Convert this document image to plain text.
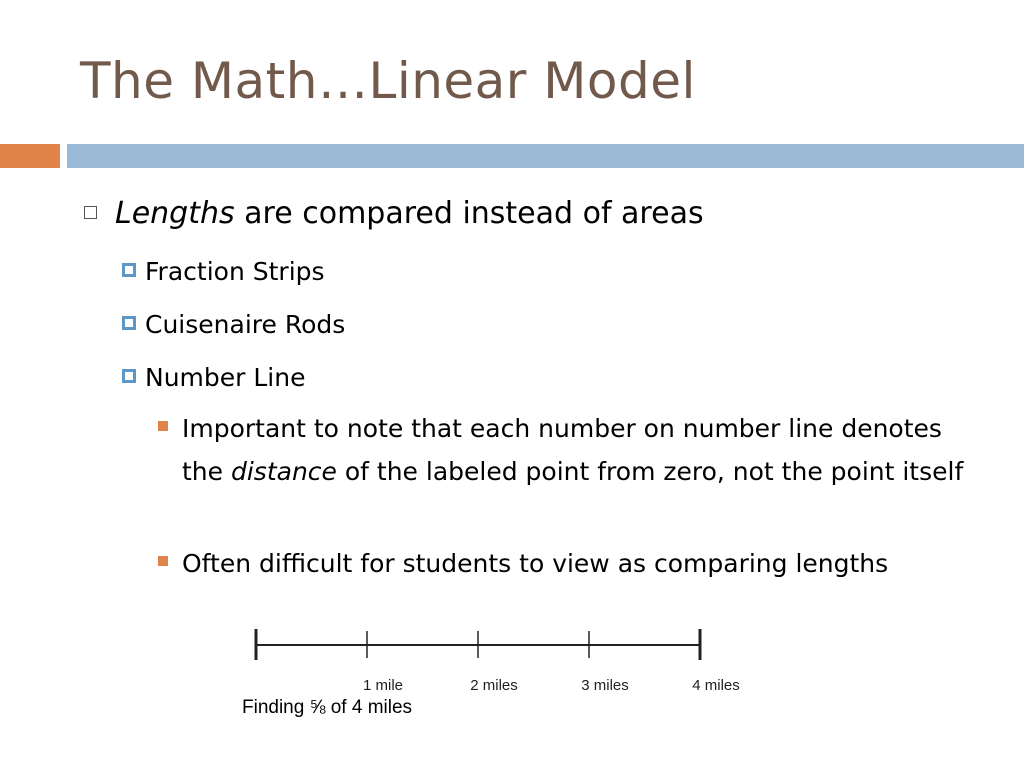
The Math…Linear Model
Lengths are compared instead of areas
Fraction Strips
Cuisenaire Rods
Number Line
Important to note that each number on number line denotes the distance of the labeled point from zero, not the point itself
Often difficult for students to view as comparing lengths
1 mile	2 miles	3 miles	4 miles
Finding ⅝ of 4 miles
